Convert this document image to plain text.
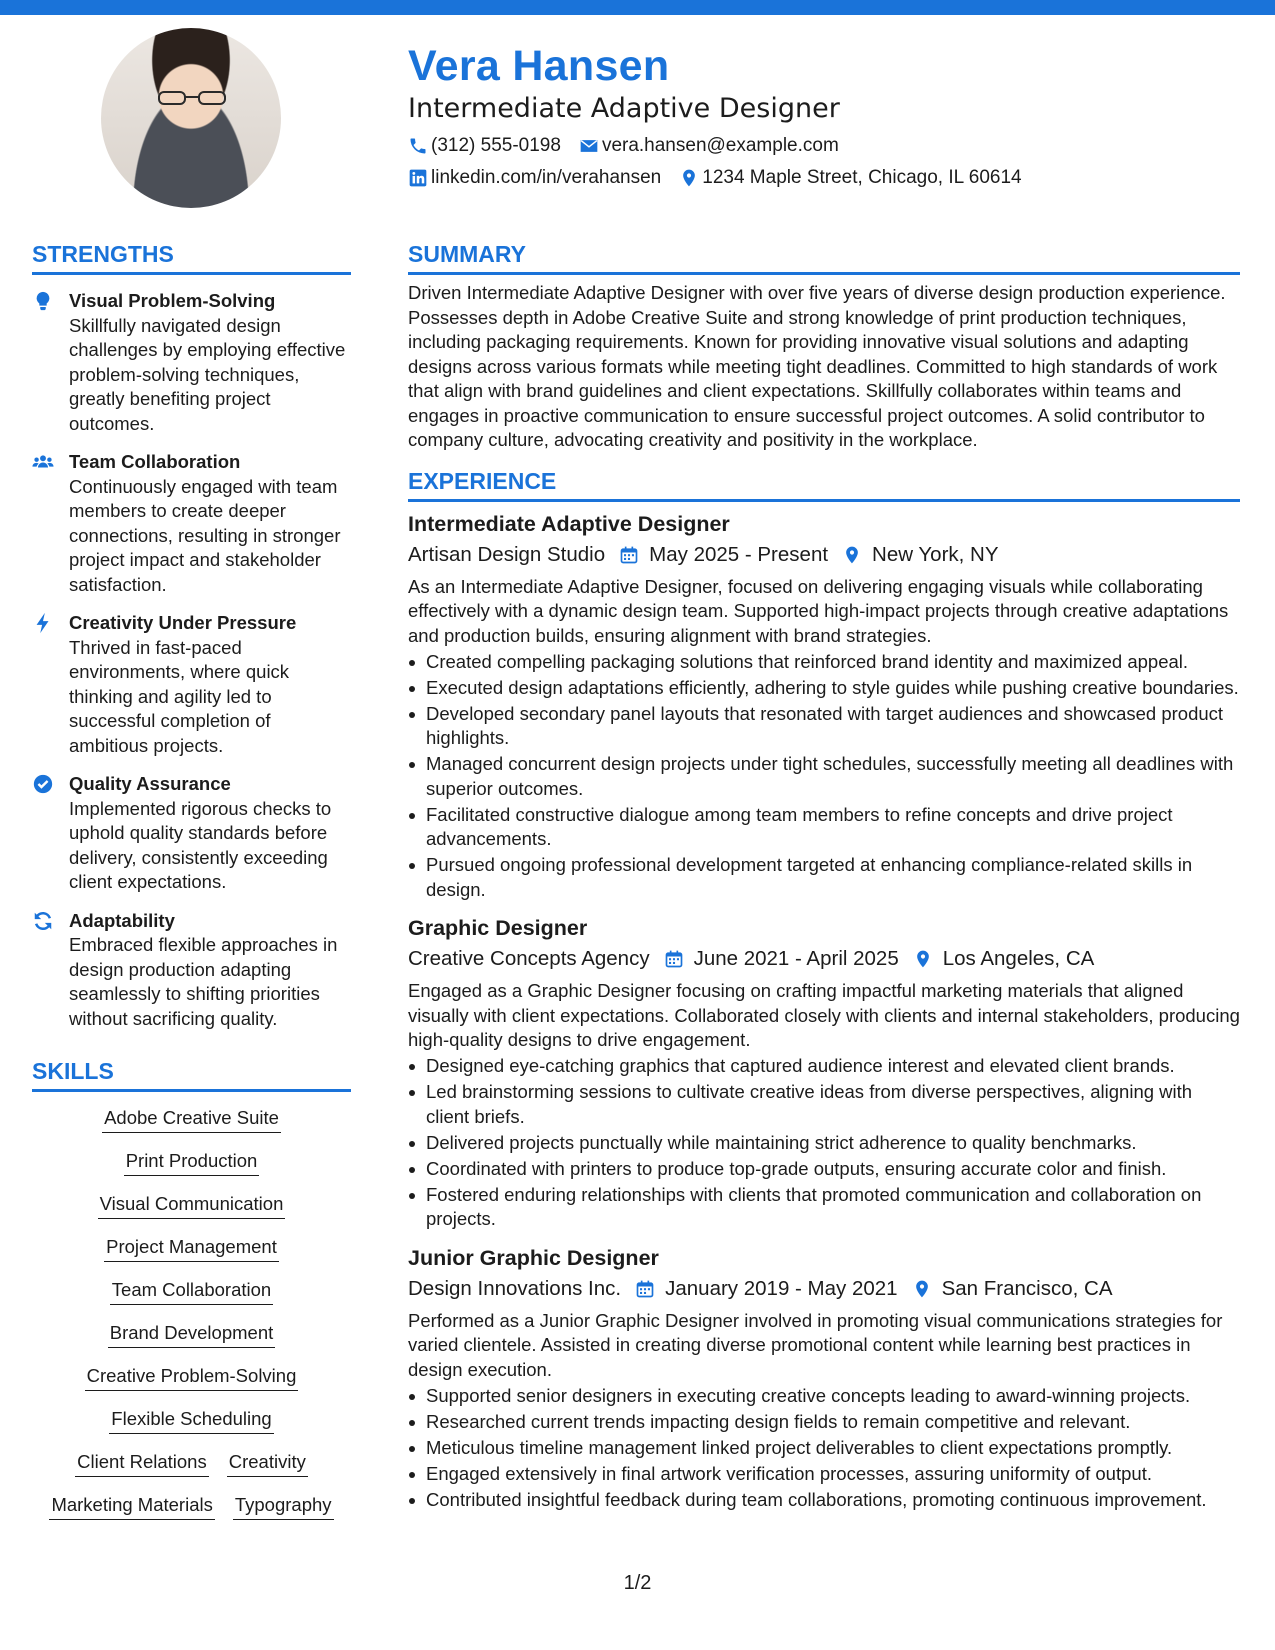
Vera Hansen

Intermediate Adaptive Designer

(312) 555-0198 vera.hansen@example.com
linkedin.com/in/verahansen 1234 Maple Street, Chicago, IL 60614
STRENGTHS
Visual Problem-Solving
Skillfully navigated design challenges by employing effective problem-solving techniques, greatly benefiting project outcomes.
Team Collaboration
Continuously engaged with team members to create deeper connections, resulting in stronger project impact and stakeholder satisfaction.
Creativity Under Pressure
Thrived in fast-paced environments, where quick thinking and agility led to successful completion of ambitious projects.
Quality Assurance
Implemented rigorous checks to uphold quality standards before delivery, consistently exceeding client expectations.
Adaptability
Embraced flexible approaches in design production adapting seamlessly to shifting priorities without sacrificing quality.
SKILLS
Adobe Creative Suite
Print Production
Visual Communication
Project Management
Team Collaboration
Brand Development
Creative Problem-Solving
Flexible Scheduling
Client Relations Creativity
Marketing Materials Typography
SUMMARY

Driven Intermediate Adaptive Designer with over five years of diverse design production experience. Possesses depth in Adobe Creative Suite and strong knowledge of print production techniques, including packaging requirements. Known for providing innovative visual solutions and adapting designs across various formats while meeting tight deadlines. Committed to high standards of work that align with brand guidelines and client expectations. Skillfully collaborates within teams and engages in proactive communication to ensure successful project outcomes. A solid contributor to company culture, advocating creativity and positivity in the workplace.

EXPERIENCE
Intermediate Adaptive Designer
Artisan Design Studio May 2025 - Present New York, NY

As an Intermediate Adaptive Designer, focused on delivering engaging visuals while collaborating effectively with a dynamic design team. Supported high-impact projects through creative adaptations and production builds, ensuring alignment with brand strategies.

Created compelling packaging solutions that reinforced brand identity and maximized appeal.
Executed design adaptations efficiently, adhering to style guides while pushing creative boundaries.
Developed secondary panel layouts that resonated with target audiences and showcased product highlights.
Managed concurrent design projects under tight schedules, successfully meeting all deadlines with superior outcomes.
Facilitated constructive dialogue among team members to refine concepts and drive project advancements.
Pursued ongoing professional development targeted at enhancing compliance-related skills in design.
Graphic Designer
Creative Concepts Agency June 2021 - April 2025 Los Angeles, CA

Engaged as a Graphic Designer focusing on crafting impactful marketing materials that aligned visually with client expectations. Collaborated closely with clients and internal stakeholders, producing high-quality designs to drive engagement.

Designed eye-catching graphics that captured audience interest and elevated client brands.
Led brainstorming sessions to cultivate creative ideas from diverse perspectives, aligning with client briefs.
Delivered projects punctually while maintaining strict adherence to quality benchmarks.
Coordinated with printers to produce top-grade outputs, ensuring accurate color and finish.
Fostered enduring relationships with clients that promoted communication and collaboration on projects.
Junior Graphic Designer
Design Innovations Inc. January 2019 - May 2021 San Francisco, CA

Performed as a Junior Graphic Designer involved in promoting visual communications strategies for varied clientele. Assisted in creating diverse promotional content while learning best practices in design execution.

Supported senior designers in executing creative concepts leading to award-winning projects.
Researched current trends impacting design fields to remain competitive and relevant.
Meticulous timeline management linked project deliverables to client expectations promptly.
Engaged extensively in final artwork verification processes, assuring uniformity of output.
Contributed insightful feedback during team collaborations, promoting continuous improvement.
1/2
